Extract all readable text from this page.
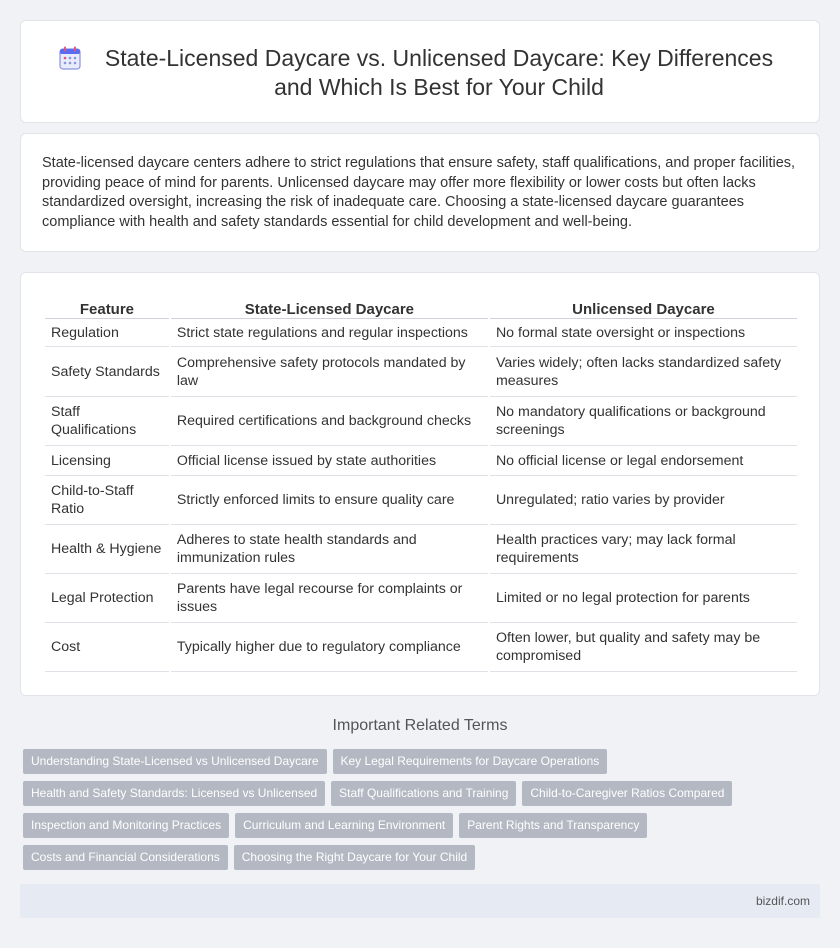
State-Licensed Daycare vs. Unlicensed Daycare: Key Differences and Which Is Best for Your Child

State-licensed daycare centers adhere to strict regulations that ensure safety, staff qualifications, and proper facilities, providing peace of mind for parents. Unlicensed daycare may offer more flexibility or lower costs but often lacks standardized oversight, increasing the risk of inadequate care. Choosing a state-licensed daycare guarantees compliance with health and safety standards essential for child development and well-being.

Feature	State-Licensed Daycare	Unlicensed Daycare
Regulation	Strict state regulations and regular inspections	No formal state oversight or inspections
Safety Standards	Comprehensive safety protocols mandated by law	Varies widely; often lacks standardized safety measures
Staff Qualifications	Required certifications and background checks	No mandatory qualifications or background screenings
Licensing	Official license issued by state authorities	No official license or legal endorsement
Child-to-Staff Ratio	Strictly enforced limits to ensure quality care	Unregulated; ratio varies by provider
Health & Hygiene	Adheres to state health standards and immunization rules	Health practices vary; may lack formal requirements
Legal Protection	Parents have legal recourse for complaints or issues	Limited or no legal protection for parents
Cost	Typically higher due to regulatory compliance	Often lower, but quality and safety may be compromised
Important Related Terms
Understanding State-Licensed vs Unlicensed Daycare	Key Legal Requirements for Daycare Operations
Health and Safety Standards: Licensed vs Unlicensed	Staff Qualifications and Training	Child-to-Caregiver Ratios Compared
Inspection and Monitoring Practices	Curriculum and Learning Environment	Parent Rights and Transparency
Costs and Financial Considerations	Choosing the Right Daycare for Your Child
bizdif.com
